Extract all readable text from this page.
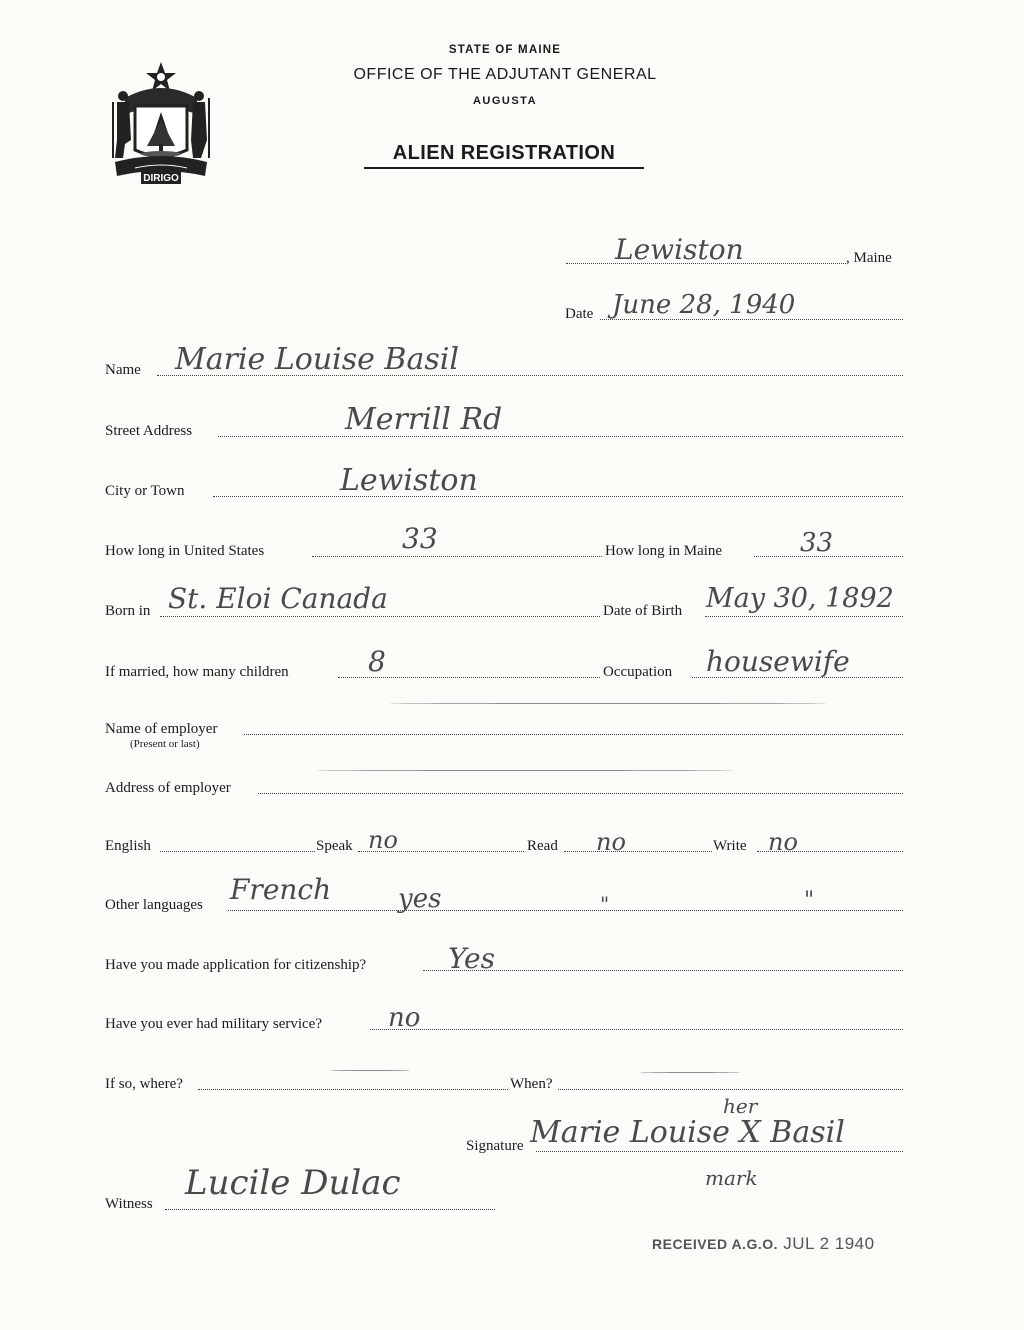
DIRIGO
STATE OF MAINE
OFFICE OF THE ADJUTANT GENERAL
AUGUSTA
ALIEN REGISTRATION
Lewiston	, Maine
Date June 28, 1940
Name Marie Louise Basil
Street Address	Merrill Rd
City or Town	Lewiston
How long in United States	33	How long in Maine	33
Born in St. Eloi Canada	Date of Birth May 30, 1892
If married, how many children	8	Occupation housewife
Name of employer
(Present or last)
Address of employer
English	Speak no	Read no	Write no
Other languages French	yes	"	"
Have you made application for citizenship?	Yes
Have you ever had military service?	no
If so, where?	When?
her
Signature Marie Louise X Basil
mark
Witness
Lucile Dulac
RECEIVED A.G.O. JUL 2 1940
